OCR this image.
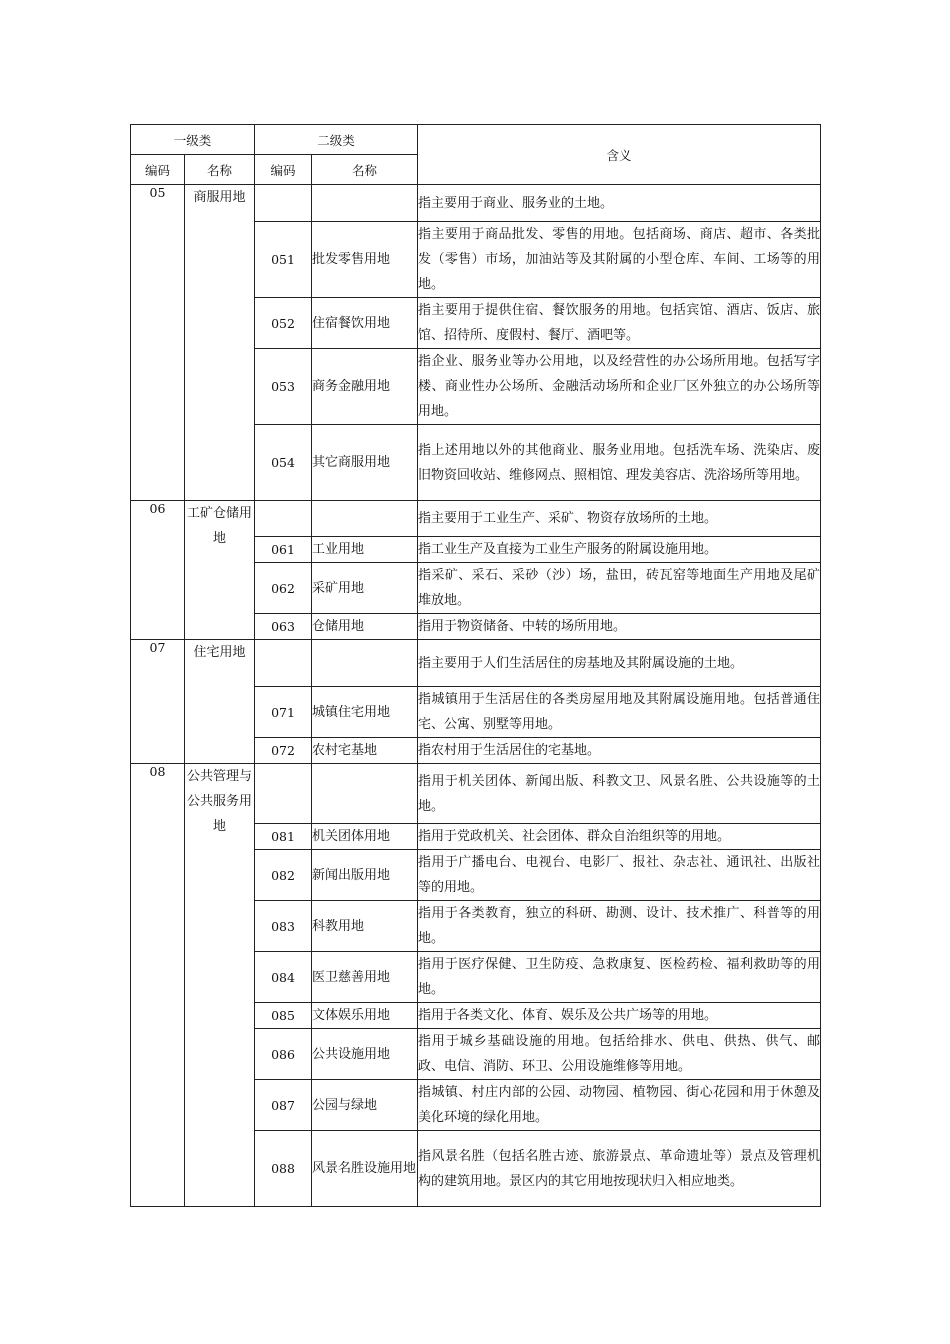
一级类		二级类		含义
编码	名称	编码	名称	
05	商服用地			指主要用于商业、服务业的土地。
		051	批发零售用地	指主要用于商品批发、零售的用地。包括商场、商店、超市、各类批发（零售）市场，加油站等及其附属的小型仓库、车间、工场等的用地。
		052	住宿餐饮用地	指主要用于提供住宿、餐饮服务的用地。包括宾馆、酒店、饭店、旅馆、招待所、度假村、餐厅、酒吧等。
		053	商务金融用地	指企业、服务业等办公用地，以及经营性的办公场所用地。包括写字楼、商业性办公场所、金融活动场所和企业厂区外独立的办公场所等用地。
		054	其它商服用地	指上述用地以外的其他商业、服务业用地。包括洗车场、洗染店、废旧物资回收站、维修网点、照相馆、理发美容店、洗浴场所等用地。
06	工矿仓储用地			指主要用于工业生产、采矿、物资存放场所的土地。
		061	工业用地	指工业生产及直接为工业生产服务的附属设施用地。
		062	采矿用地	指采矿、采石、采砂（沙）场，盐田，砖瓦窑等地面生产用地及尾矿堆放地。
		063	仓储用地	指用于物资储备、中转的场所用地。
07	住宅用地			指主要用于人们生活居住的房基地及其附属设施的土地。
		071	城镇住宅用地	指城镇用于生活居住的各类房屋用地及其附属设施用地。包括普通住宅、公寓、别墅等用地。
		072	农村宅基地	指农村用于生活居住的宅基地。
08	公共管理与公共服务用地			指用于机关团体、新闻出版、科教文卫、风景名胜、公共设施等的土地。
		081	机关团体用地	指用于党政机关、社会团体、群众自治组织等的用地。
		082	新闻出版用地	指用于广播电台、电视台、电影厂、报社、杂志社、通讯社、出版社等的用地。
		083	科教用地	指用于各类教育，独立的科研、勘测、设计、技术推广、科普等的用地。
		084	医卫慈善用地	指用于医疗保健、卫生防疫、急救康复、医检药检、福利救助等的用地。
		085	文体娱乐用地	指用于各类文化、体育、娱乐及公共广场等的用地。
		086	公共设施用地	指用于城乡基础设施的用地。包括给排水、供电、供热、供气、邮政、电信、消防、环卫、公用设施维修等用地。
		087	公园与绿地	指城镇、村庄内部的公园、动物园、植物园、街心花园和用于休憩及美化环境的绿化用地。
		088	风景名胜设施用地	指风景名胜（包括名胜古迹、旅游景点、革命遗址等）景点及管理机构的建筑用地。景区内的其它用地按现状归入相应地类。
